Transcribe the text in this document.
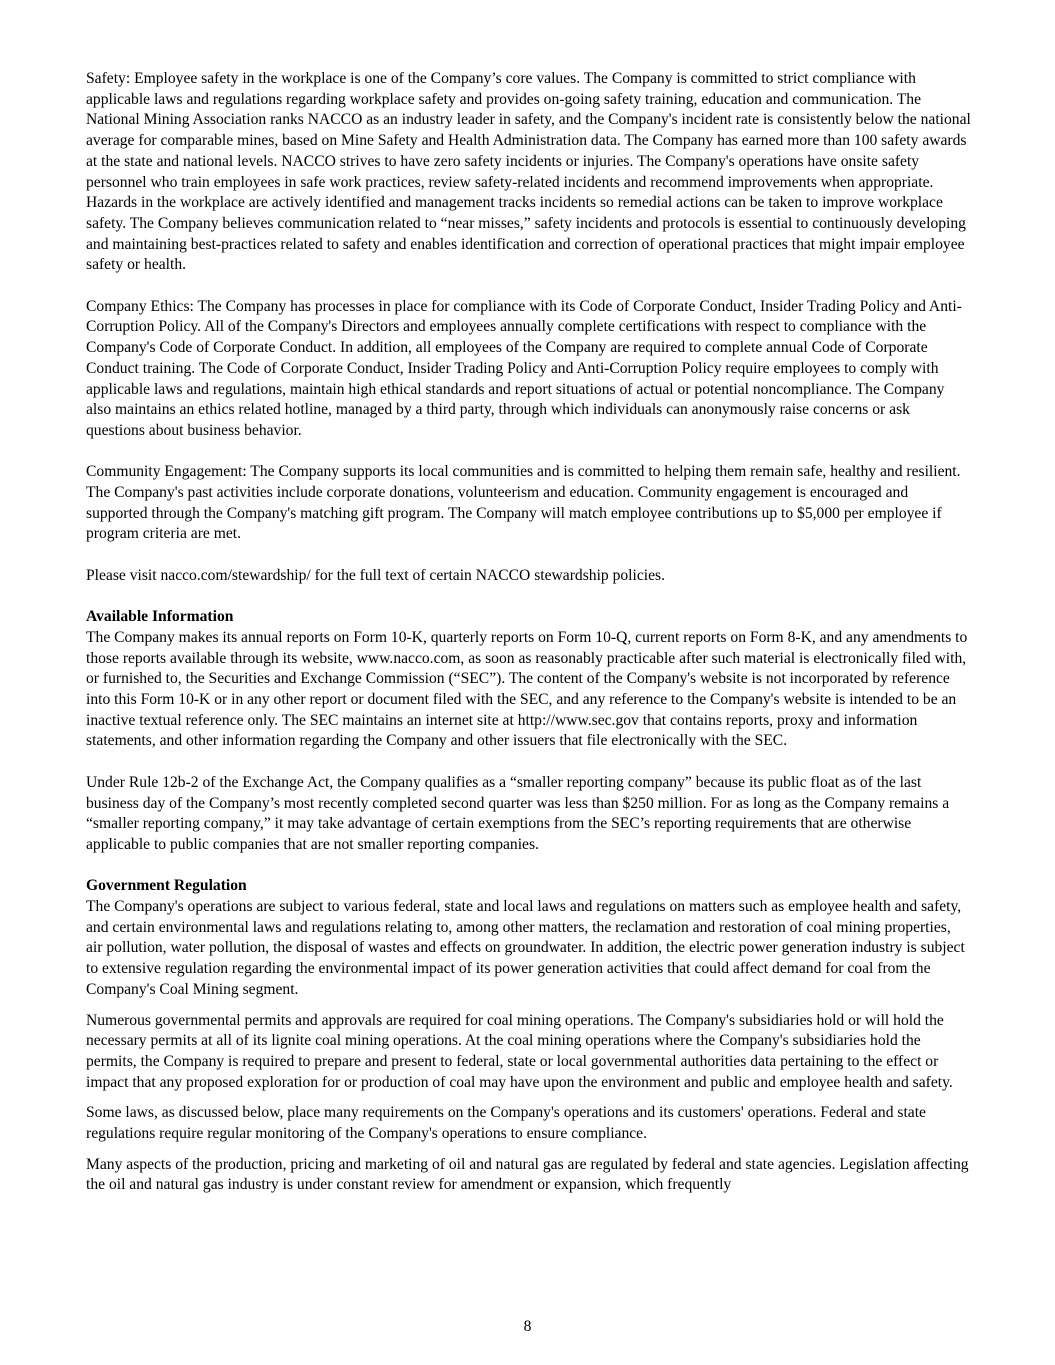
Safety: Employee safety in the workplace is one of the Company’s core values. The Company is committed to strict compliance with applicable laws and regulations regarding workplace safety and provides on-going safety training, education and communication. The National Mining Association ranks NACCO as an industry leader in safety, and the Company's incident rate is consistently below the national average for comparable mines, based on Mine Safety and Health Administration data. The Company has earned more than 100 safety awards at the state and national levels. NACCO strives to have zero safety incidents or injuries. The Company's operations have onsite safety personnel who train employees in safe work practices, review safety-related incidents and recommend improvements when appropriate. Hazards in the workplace are actively identified and management tracks incidents so remedial actions can be taken to improve workplace safety. The Company believes communication related to “near misses,” safety incidents and protocols is essential to continuously developing and maintaining best-practices related to safety and enables identification and correction of operational practices that might impair employee safety or health.

Company Ethics: The Company has processes in place for compliance with its Code of Corporate Conduct, Insider Trading Policy and Anti-Corruption Policy. All of the Company's Directors and employees annually complete certifications with respect to compliance with the Company's Code of Corporate Conduct. In addition, all employees of the Company are required to complete annual Code of Corporate Conduct training. The Code of Corporate Conduct, Insider Trading Policy and Anti-Corruption Policy require employees to comply with applicable laws and regulations, maintain high ethical standards and report situations of actual or potential noncompliance. The Company also maintains an ethics related hotline, managed by a third party, through which individuals can anonymously raise concerns or ask questions about business behavior.

Community Engagement: The Company supports its local communities and is committed to helping them remain safe, healthy and resilient. The Company's past activities include corporate donations, volunteerism and education. Community engagement is encouraged and supported through the Company's matching gift program. The Company will match employee contributions up to $5,000 per employee if program criteria are met.

Please visit nacco.com/stewardship/ for the full text of certain NACCO stewardship policies.

Available Information

The Company makes its annual reports on Form 10-K, quarterly reports on Form 10-Q, current reports on Form 8-K, and any amendments to those reports available through its website, www.nacco.com, as soon as reasonably practicable after such material is electronically filed with, or furnished to, the Securities and Exchange Commission (“SEC”). The content of the Company's website is not incorporated by reference into this Form 10-K or in any other report or document filed with the SEC, and any reference to the Company's website is intended to be an inactive textual reference only. The SEC maintains an internet site at http://www.sec.gov that contains reports, proxy and information statements, and other information regarding the Company and other issuers that file electronically with the SEC.

Under Rule 12b-2 of the Exchange Act, the Company qualifies as a “smaller reporting company” because its public float as of the last business day of the Company’s most recently completed second quarter was less than $250 million. For as long as the Company remains a “smaller reporting company,” it may take advantage of certain exemptions from the SEC’s reporting requirements that are otherwise applicable to public companies that are not smaller reporting companies.

Government Regulation

The Company's operations are subject to various federal, state and local laws and regulations on matters such as employee health and safety, and certain environmental laws and regulations relating to, among other matters, the reclamation and restoration of coal mining properties, air pollution, water pollution, the disposal of wastes and effects on groundwater. In addition, the electric power generation industry is subject to extensive regulation regarding the environmental impact of its power generation activities that could affect demand for coal from the Company's Coal Mining segment.

Numerous governmental permits and approvals are required for coal mining operations. The Company's subsidiaries hold or will hold the necessary permits at all of its lignite coal mining operations. At the coal mining operations where the Company's subsidiaries hold the permits, the Company is required to prepare and present to federal, state or local governmental authorities data pertaining to the effect or impact that any proposed exploration for or production of coal may have upon the environment and public and employee health and safety.

Some laws, as discussed below, place many requirements on the Company's operations and its customers' operations. Federal and state regulations require regular monitoring of the Company's operations to ensure compliance.

Many aspects of the production, pricing and marketing of oil and natural gas are regulated by federal and state agencies. Legislation affecting the oil and natural gas industry is under constant review for amendment or expansion, which frequently

8
